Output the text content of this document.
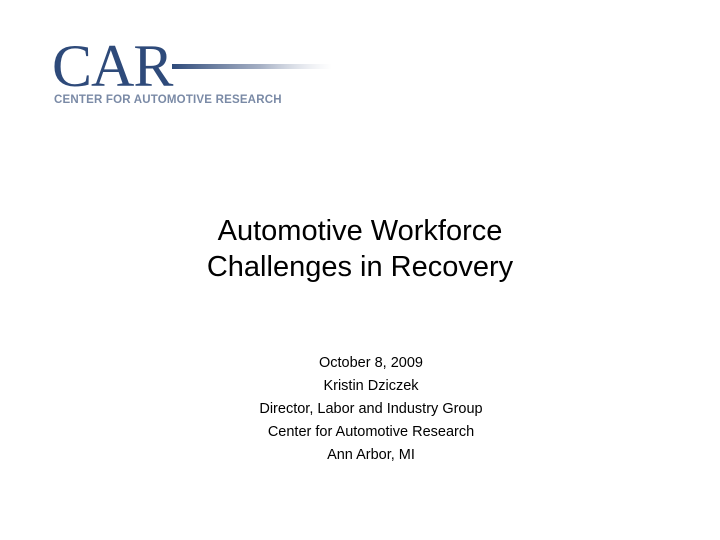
CAR
CENTER FOR AUTOMOTIVE RESEARCH
Automotive Workforce
Challenges in Recovery
October 8, 2009
Kristin Dziczek
Director, Labor and Industry Group
Center for Automotive Research
Ann Arbor, MI
